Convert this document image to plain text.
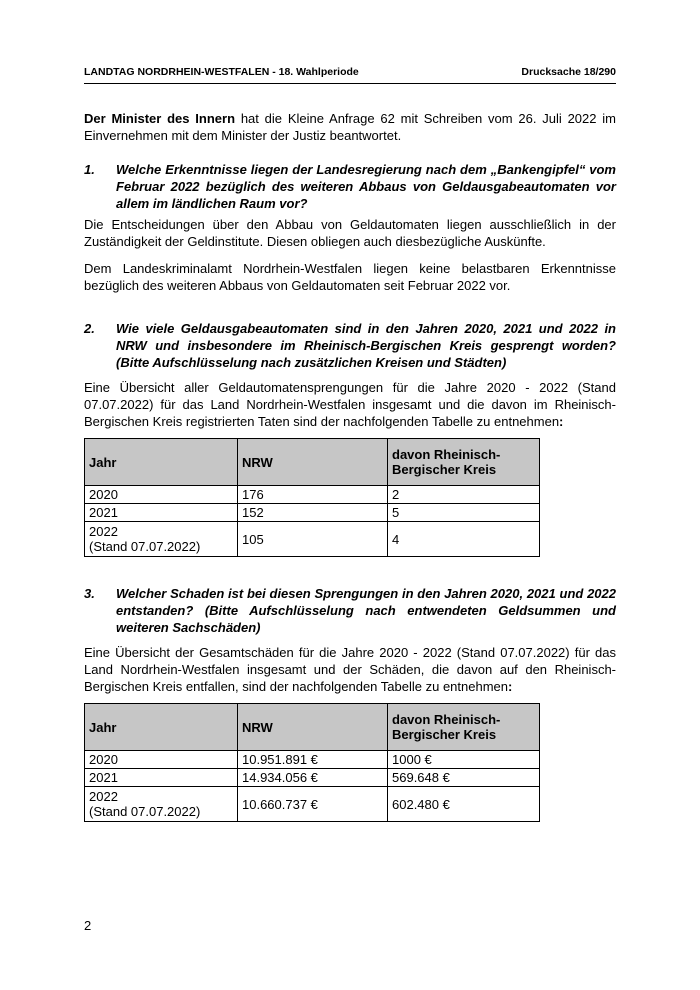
LANDTAG NORDRHEIN-WESTFALEN - 18. Wahlperiode	Drucksache 18/290
Der Minister des Innern hat die Kleine Anfrage 62 mit Schreiben vom 26. Juli 2022 im Einvernehmen mit dem Minister der Justiz beantwortet.
1.	Welche Erkenntnisse liegen der Landesregierung nach dem „Bankengipfel“ vom Februar 2022 bezüglich des weiteren Abbaus von Geldausgabeautomaten vor allem im ländlichen Raum vor?
Die Entscheidungen über den Abbau von Geldautomaten liegen ausschließlich in der Zuständigkeit der Geldinstitute. Diesen obliegen auch diesbezügliche Auskünfte.
Dem Landeskriminalamt Nordrhein-Westfalen liegen keine belastbaren Erkenntnisse bezüglich des weiteren Abbaus von Geldautomaten seit Februar 2022 vor.
2.	Wie viele Geldausgabeautomaten sind in den Jahren 2020, 2021 und 2022 in NRW und insbesondere im Rheinisch-Bergischen Kreis gesprengt worden? (Bitte Aufschlüsselung nach zusätzlichen Kreisen und Städten)
Eine Übersicht aller Geldautomatensprengungen für die Jahre 2020 - 2022 (Stand 07.07.2022) für das Land Nordrhein-Westfalen insgesamt und die davon im Rheinisch-Bergischen Kreis registrierten Taten sind der nachfolgenden Tabelle zu entnehmen:
Jahr	NRW	davon Rheinisch-Bergischer Kreis
2020	176	2
2021	152	5

2022
(Stand 07.07.2022)	105	4
3.	Welcher Schaden ist bei diesen Sprengungen in den Jahren 2020, 2021 und 2022 entstanden? (Bitte Aufschlüsselung nach entwendeten Geldsummen und weiteren Sachschäden)
Eine Übersicht der Gesamtschäden für die Jahre 2020 - 2022 (Stand 07.07.2022) für das Land Nordrhein-Westfalen insgesamt und der Schäden, die davon auf den Rheinisch-Bergischen Kreis entfallen, sind der nachfolgenden Tabelle zu entnehmen:
Jahr	NRW	davon Rheinisch-Bergischer Kreis
2020	10.951.891 €	1000 €
2021	14.934.056 €	569.648 €

2022
(Stand 07.07.2022)	10.660.737 €	602.480 €
2
